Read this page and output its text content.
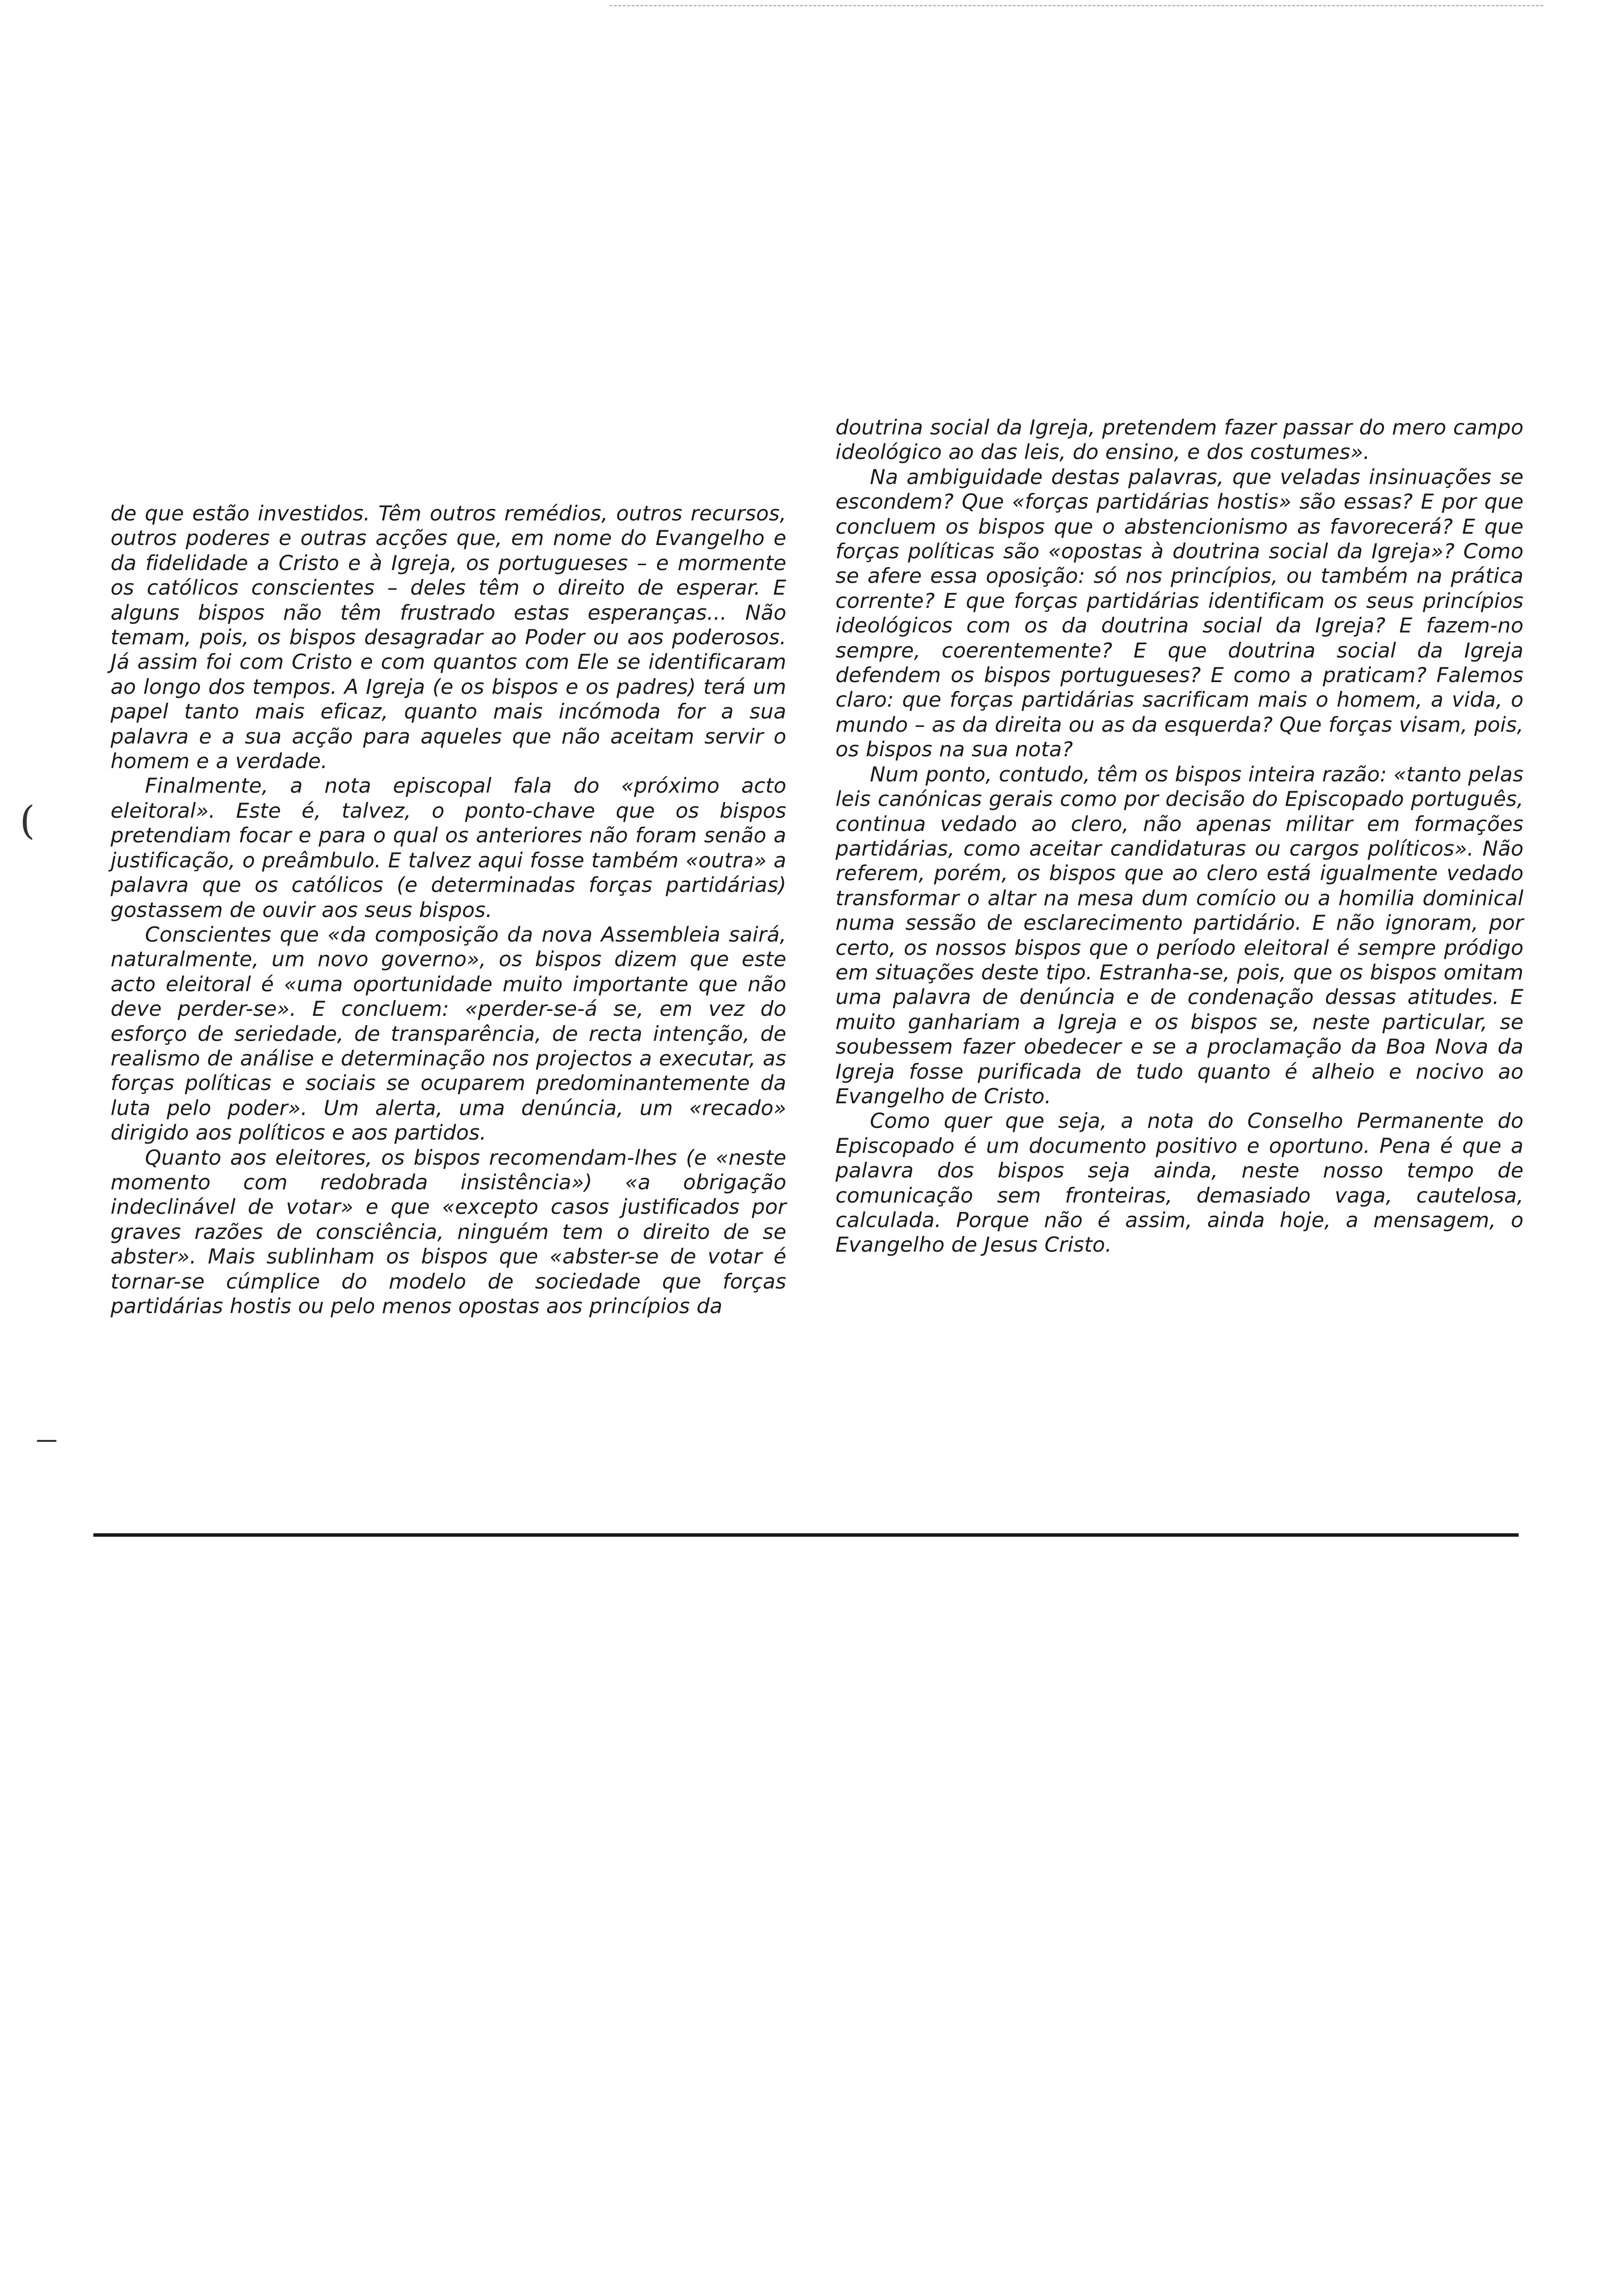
(

de que estão investidos. Têm outros remédios, outros recursos, outros poderes e outras acções que, em nome do Evangelho e da fidelidade a Cristo e à Igreja, os portugueses – e mormente os católicos conscientes – deles têm o direito de esperar. E alguns bispos não têm frustrado estas esperanças... Não temam, pois, os bispos desagradar ao Poder ou aos poderosos. Já assim foi com Cristo e com quantos com Ele se identificaram ao longo dos tempos. A Igreja (e os bispos e os padres) terá um papel tanto mais eficaz, quanto mais incómoda for a sua palavra e a sua acção para aqueles que não aceitam servir o homem e a verdade.

Finalmente, a nota episcopal fala do «próximo acto eleitoral». Este é, talvez, o ponto-chave que os bispos pretendiam focar e para o qual os anteriores não foram senão a justificação, o preâmbulo. E talvez aqui fosse também «outra» a palavra que os católicos (e determinadas forças partidárias) gostassem de ouvir aos seus bispos.

Conscientes que «da composição da nova Assembleia sairá, naturalmente, um novo governo», os bispos dizem que este acto eleitoral é «uma oportunidade muito importante que não deve perder-se». E concluem: «perder-se-á se, em vez do esforço de seriedade, de transparência, de recta intenção, de realismo de análise e determinação nos projectos a executar, as forças políticas e sociais se ocuparem predominantemente da luta pelo poder». Um alerta, uma denúncia, um «recado» dirigido aos políticos e aos partidos.

Quanto aos eleitores, os bispos recomendam-lhes (e «neste momento com redobrada insistência») «a obrigação indeclinável de votar» e que «excepto casos justificados por graves razões de consciência, ninguém tem o direito de se abster». Mais sublinham os bispos que «abster-se de votar é tornar-se cúmplice do modelo de sociedade que forças partidárias hostis ou pelo menos opostas aos princípios da

doutrina social da Igreja, pretendem fazer passar do mero campo ideológico ao das leis, do ensino, e dos costumes».

Na ambiguidade destas palavras, que veladas insinuações se escondem? Que «forças partidárias hostis» são essas? E por que concluem os bispos que o abstencionismo as favorecerá? E que forças políticas são «opostas à doutrina social da Igreja»? Como se afere essa oposição: só nos princípios, ou também na prática corrente? E que forças partidárias identificam os seus princípios ideológicos com os da doutrina social da Igreja? E fazem-no sempre, coerentemente? E que doutrina social da Igreja defendem os bispos portugueses? E como a praticam? Falemos claro: que forças partidárias sacrificam mais o homem, a vida, o mundo – as da direita ou as da esquerda? Que forças visam, pois, os bispos na sua nota?

Num ponto, contudo, têm os bispos inteira razão: «tanto pelas leis canónicas gerais como por decisão do Episcopado português, continua vedado ao clero, não apenas militar em formações partidárias, como aceitar candidaturas ou cargos políticos». Não referem, porém, os bispos que ao clero está igualmente vedado transformar o altar na mesa dum comício ou a homilia dominical numa sessão de esclarecimento partidário. E não ignoram, por certo, os nossos bispos que o período eleitoral é sempre pródigo em situações deste tipo. Estranha-se, pois, que os bispos omitam uma palavra de denúncia e de condenação dessas atitudes. E muito ganhariam a Igreja e os bispos se, neste particular, se soubessem fazer obedecer e se a proclamação da Boa Nova da Igreja fosse purificada de tudo quanto é alheio e nocivo ao Evangelho de Cristo.

Como quer que seja, a nota do Conselho Permanente do Episcopado é um documento positivo e oportuno. Pena é que a palavra dos bispos seja ainda, neste nosso tempo de comunicação sem fronteiras, demasiado vaga, cautelosa, calculada. Porque não é assim, ainda hoje, a mensagem, o Evangelho de Jesus Cristo.
